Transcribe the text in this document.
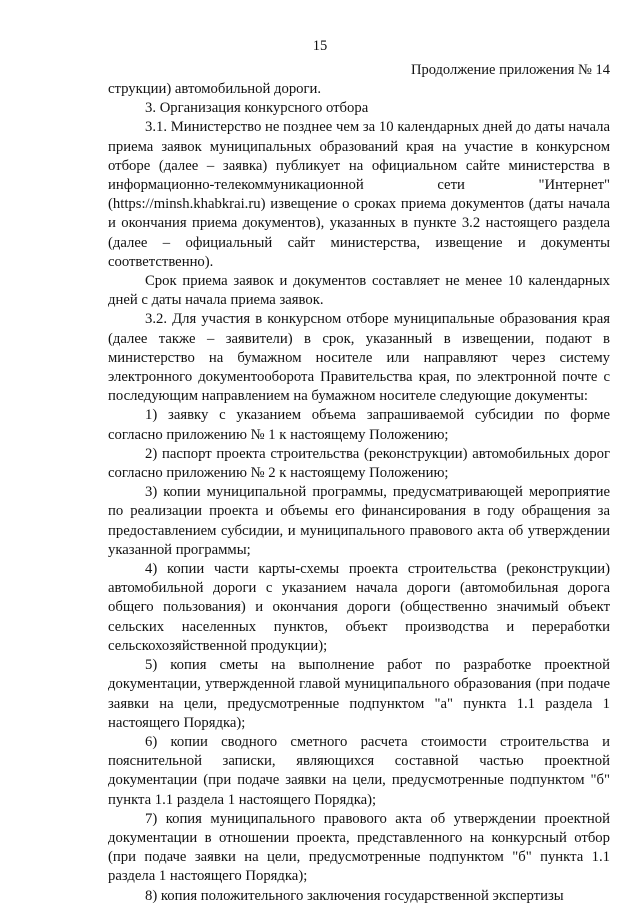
15
Продолжение приложения № 14

струкции) автомобильной дороги.

3. Организация конкурсного отбора

3.1. Министерство не позднее чем за 10 календарных дней до даты начала приема заявок муниципальных образований края на участие в конкурсном отборе (далее – заявка) публикует на официальном сайте министерства в информационно-телекоммуникационной сети "Интернет" (https://minsh.khabkrai.ru) извещение о сроках приема документов (даты начала и окончания приема документов), указанных в пункте 3.2 настоящего раздела (далее – официальный сайт министерства, извещение и документы соответственно).

Срок приема заявок и документов составляет не менее 10 календарных дней с даты начала приема заявок.

3.2. Для участия в конкурсном отборе муниципальные образования края (далее также – заявители) в срок, указанный в извещении, подают в министерство на бумажном носителе или направляют через систему электронного документооборота Правительства края, по электронной почте с последующим направлением на бумажном носителе следующие документы:

1) заявку с указанием объема запрашиваемой субсидии по форме согласно приложению № 1 к настоящему Положению;

2) паспорт проекта строительства (реконструкции) автомобильных дорог согласно приложению № 2 к настоящему Положению;

3) копии муниципальной программы, предусматривающей мероприятие по реализации проекта и объемы его финансирования в году обращения за предоставлением субсидии, и муниципального правового акта об утверждении указанной программы;

4) копии части карты-схемы проекта строительства (реконструкции) автомобильной дороги с указанием начала дороги (автомобильная дорога общего пользования) и окончания дороги (общественно значимый объект сельских населенных пунктов, объект производства и переработки сельскохозяйственной продукции);

5) копия сметы на выполнение работ по разработке проектной документации, утвержденной главой муниципального образования (при подаче заявки на цели, предусмотренные подпунктом "а" пункта 1.1 раздела 1 настоящего Порядка);

6) копии сводного сметного расчета стоимости строительства и пояснительной записки, являющихся составной частью проектной документации (при подаче заявки на цели, предусмотренные подпунктом "б" пункта 1.1 раздела 1 настоящего Порядка);

7) копия муниципального правового акта об утверждении проектной документации в отношении проекта, представленного на конкурсный отбор (при подаче заявки на цели, предусмотренные подпунктом "б" пункта 1.1 раздела 1 настоящего Порядка);

8) копия положительного заключения государственной экспертизы
